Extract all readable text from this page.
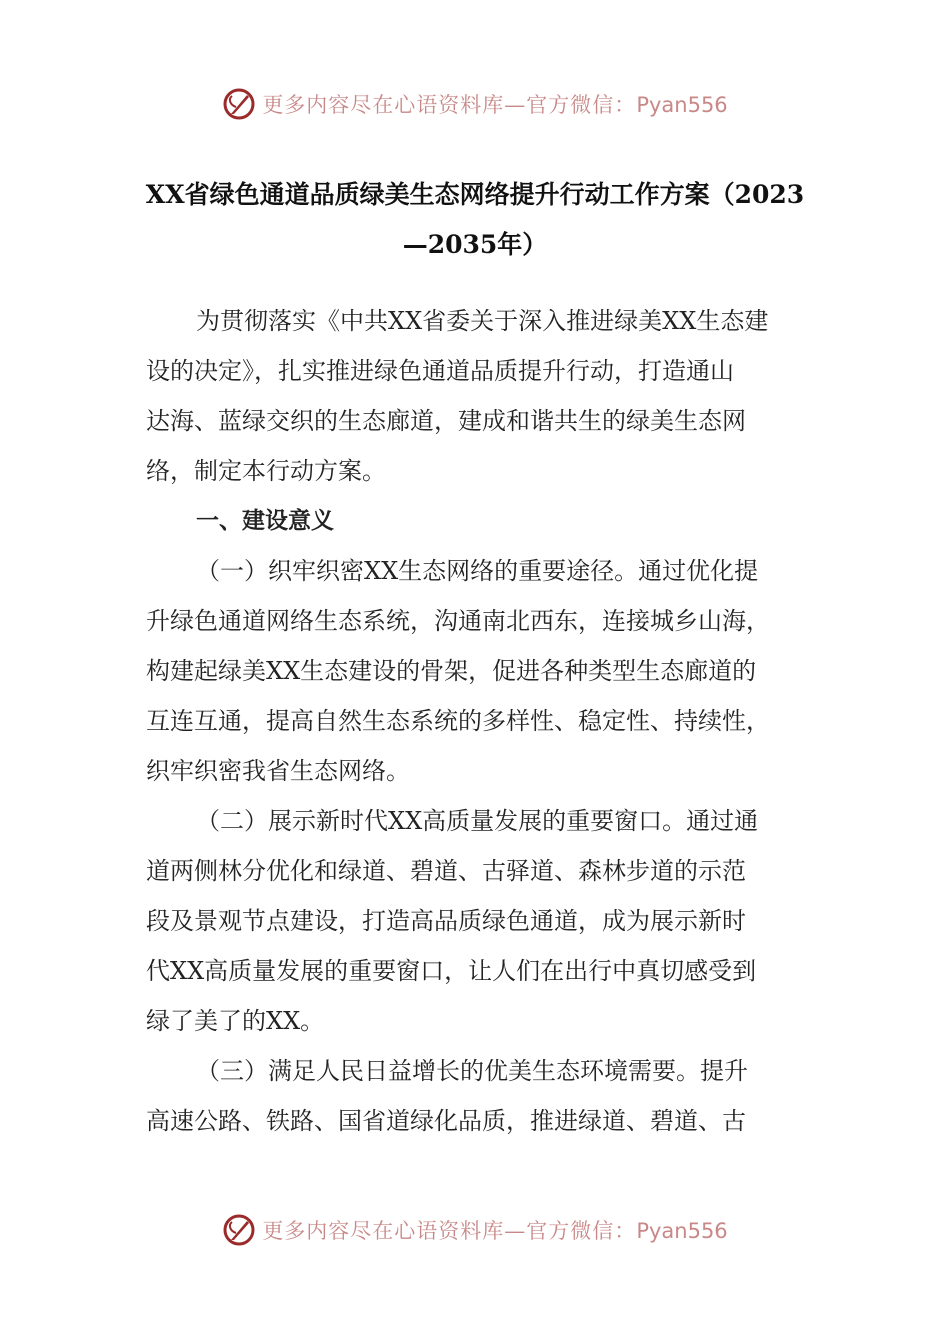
更多内容尽在心语资料库—官方微信：Pyan556
XX省绿色通道品质绿美生态网络提升行动工作方案（2023
—2035年）

为贯彻落实《中共XX省委关于深入推进绿美XX生态建
设的决定》，扎实推进绿色通道品质提升行动，打造通山
达海、蓝绿交织的生态廊道，建成和谐共生的绿美生态网
络，制定本行动方案。

一、建设意义

（一）织牢织密XX生态网络的重要途径。通过优化提
升绿色通道网络生态系统，沟通南北西东，连接城乡山海，
构建起绿美XX生态建设的骨架，促进各种类型生态廊道的
互连互通，提高自然生态系统的多样性、稳定性、持续性，
织牢织密我省生态网络。

（二）展示新时代XX高质量发展的重要窗口。通过通
道两侧林分优化和绿道、碧道、古驿道、森林步道的示范
段及景观节点建设，打造高品质绿色通道，成为展示新时
代XX高质量发展的重要窗口，让人们在出行中真切感受到
绿了美了的XX。

（三）满足人民日益增长的优美生态环境需要。提升
高速公路、铁路、国省道绿化品质，推进绿道、碧道、古

更多内容尽在心语资料库—官方微信：Pyan556
